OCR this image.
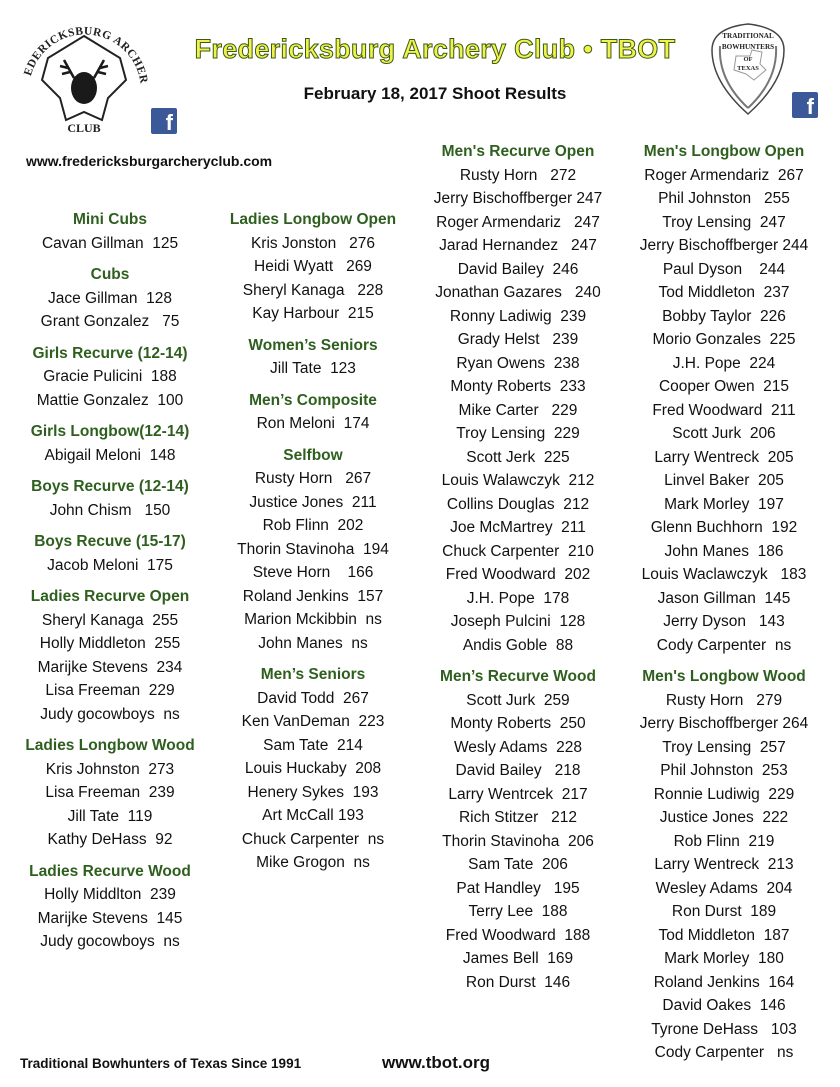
EDERICKSBURG ARCHER
CLUB	f
Fredericksburg Archery Club • TBOT
February 18, 2017 Shoot Results
TRADITIONAL
BOWHUNTERS
OF
TEXAS
f
www.fredericksburgarcheryclub.com
Mini Cubs
Cavan Gillman  125
Cubs
Jace Gillman  128
Grant Gonzalez   75
Girls Recurve (12-14)
Gracie Pulicini  188
Mattie Gonzalez  100
Girls Longbow(12-14)
Abigail Meloni  148
Boys Recurve (12-14)
John Chism   150
Boys Recuve (15-17)
Jacob Meloni  175
Ladies Recurve Open
Sheryl Kanaga  255
Holly Middleton  255
Marijke Stevens  234
Lisa Freeman  229
Judy gocowboys  ns
Ladies Longbow Wood
Kris Johnston  273
Lisa Freeman  239
Jill Tate  119
Kathy DeHass  92
Ladies Recurve Wood
Holly Middlton  239
Marijke Stevens  145
Judy gocowboys  ns
Ladies Longbow Open
Kris Jonston   276
Heidi Wyatt   269
Sheryl Kanaga   228
Kay Harbour  215
Women’s Seniors
Jill Tate  123
Men’s Composite
Ron Meloni  174
Selfbow
Rusty Horn   267
Justice Jones  211
Rob Flinn  202
Thorin Stavinoha  194
Steve Horn    166
Roland Jenkins  157
Marion Mckibbin  ns
John Manes  ns
Men’s Seniors
David Todd  267
Ken VanDeman  223
Sam Tate  214
Louis Huckaby  208
Henery Sykes  193
Art McCall 193
Chuck Carpenter  ns
Mike Grogon  ns
Men's Recurve Open
Rusty Horn   272
Jerry Bischoffberger 247
Roger Armendariz   247
Jarad Hernandez   247
David Bailey  246
Jonathan Gazares   240
Ronny Ladiwig  239
Grady Helst   239
Ryan Owens  238
Monty Roberts  233
Mike Carter   229
Troy Lensing  229
Scott Jerk  225
Louis Walawczyk  212
Collins Douglas  212
Joe McMartrey  211
Chuck Carpenter  210
Fred Woodward  202
J.H. Pope  178
Joseph Pulcini  128
Andis Goble  88
Men’s Recurve Wood
Scott Jurk  259
Monty Roberts  250
Wesly Adams  228
David Bailey   218
Larry Wentrcek  217
Rich Stitzer   212
Thorin Stavinoha  206
Sam Tate  206
Pat Handley   195
Terry Lee  188
Fred Woodward  188
James Bell  169
Ron Durst  146
Men's Longbow Open
Roger Armendariz  267
Phil Johnston   255
Troy Lensing  247
Jerry Bischoffberger 244
Paul Dyson    244
Tod Middleton  237
Bobby Taylor  226
Morio Gonzales  225
J.H. Pope  224
Cooper Owen  215
Fred Woodward  211
Scott Jurk  206
Larry Wentreck  205
Linvel Baker  205
Mark Morley  197
Glenn Buchhorn  192
John Manes  186
Louis Waclawczyk   183
Jason Gillman  145
Jerry Dyson   143
Cody Carpenter  ns
Men's Longbow Wood
Rusty Horn   279
Jerry Bischoffberger 264
Troy Lensing  257
Phil Johnston  253
Ronnie Ludiwig  229
Justice Jones  222
Rob Flinn  219
Larry Wentreck  213
Wesley Adams  204
Ron Durst  189
Tod Middleton  187
Mark Morley  180
Roland Jenkins  164
David Oakes  146
Tyrone DeHass   103
Cody Carpenter   ns
Traditional Bowhunters of Texas Since 1991	www.tbot.org
